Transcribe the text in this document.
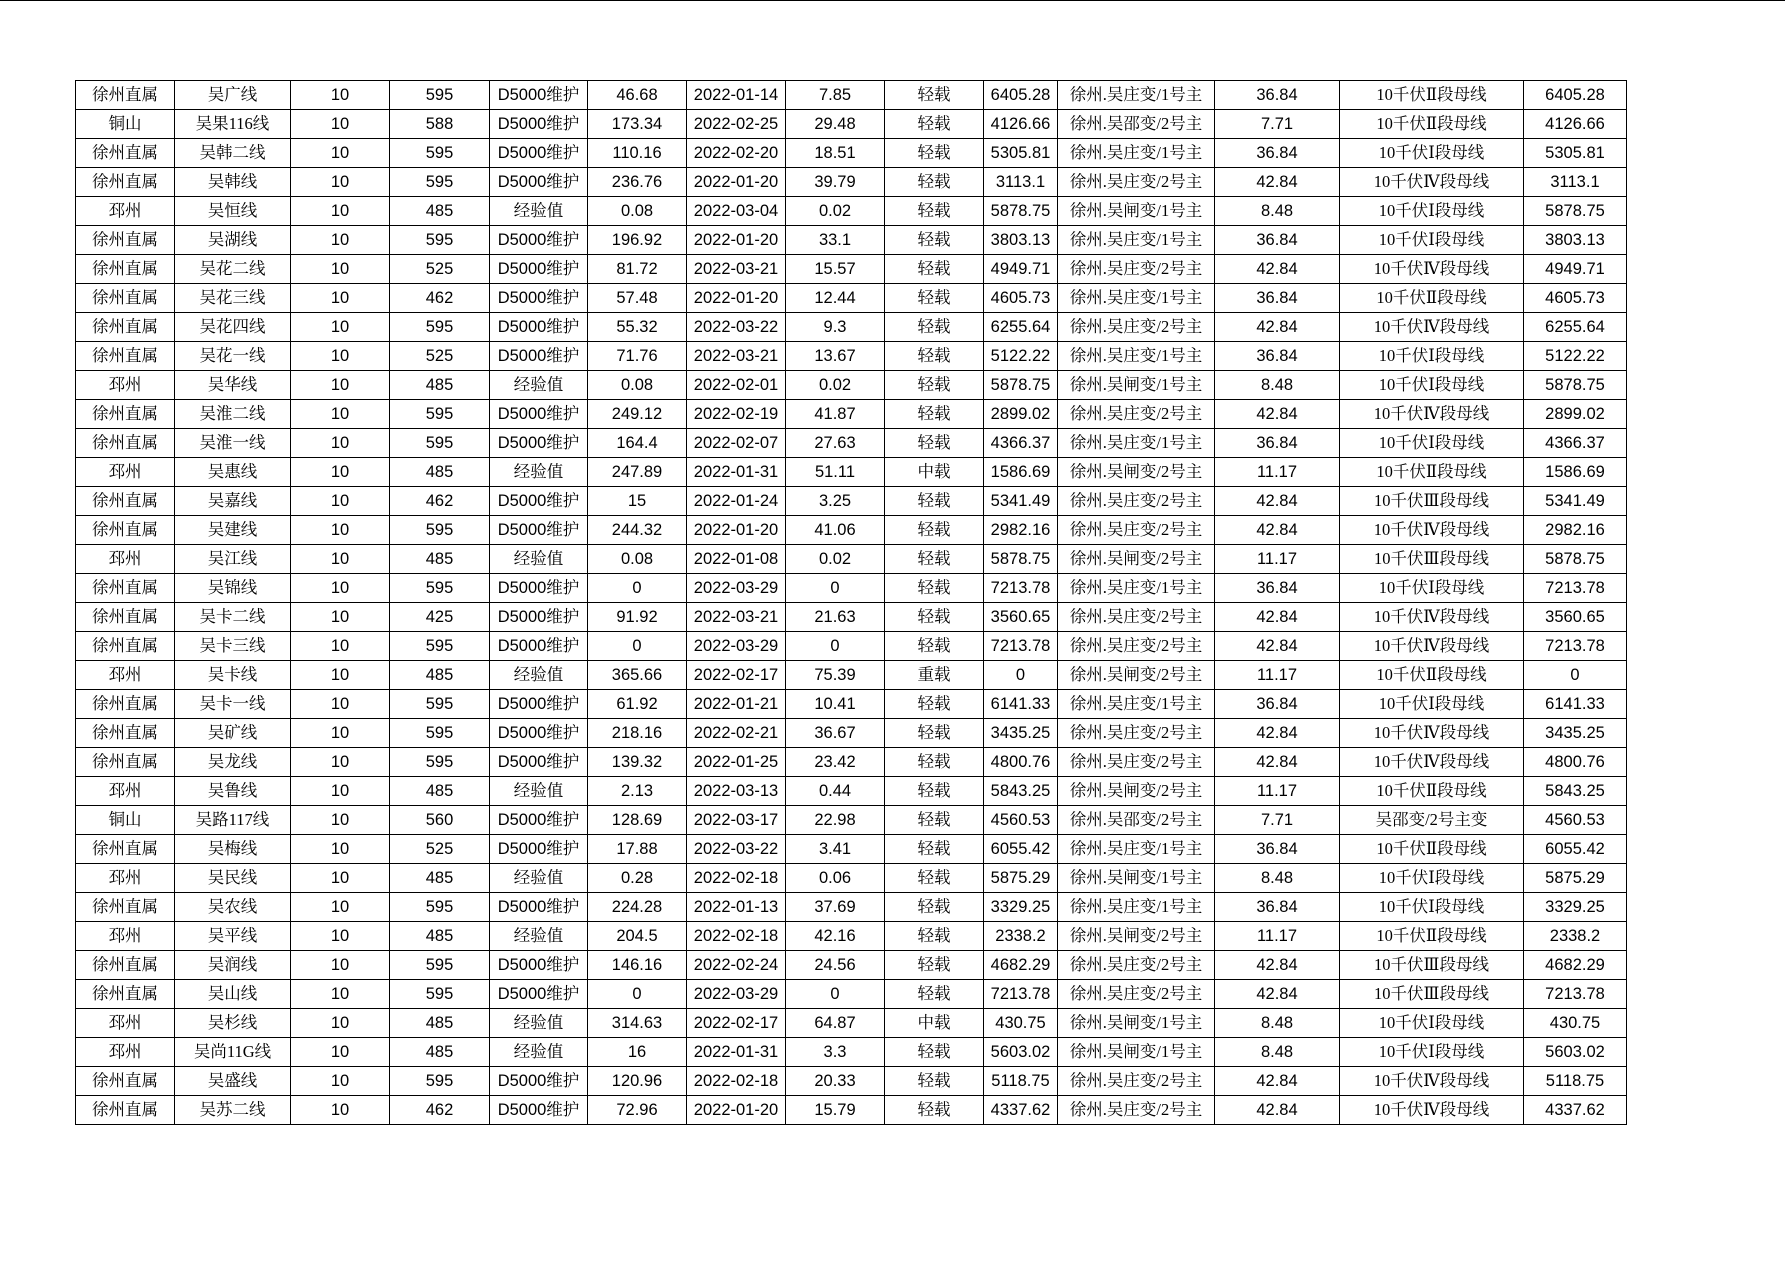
徐州直属	吴广线	10	595	D5000维护	46.68	2022-01-14	7.85	轻载	6405.28	徐州.吴庄变/1号主	36.84	10千伏Ⅱ段母线	6405.28
铜山	吴果116线	10	588	D5000维护	173.34	2022-02-25	29.48	轻载	4126.66	徐州.吴邵变/2号主	7.71	10千伏Ⅱ段母线	4126.66
徐州直属	吴韩二线	10	595	D5000维护	110.16	2022-02-20	18.51	轻载	5305.81	徐州.吴庄变/1号主	36.84	10千伏Ⅰ段母线	5305.81
徐州直属	吴韩线	10	595	D5000维护	236.76	2022-01-20	39.79	轻载	3113.1	徐州.吴庄变/2号主	42.84	10千伏Ⅳ段母线	3113.1
邳州	吴恒线	10	485	经验值	0.08	2022-03-04	0.02	轻载	5878.75	徐州.吴闸变/1号主	8.48	10千伏Ⅰ段母线	5878.75
徐州直属	吴湖线	10	595	D5000维护	196.92	2022-01-20	33.1	轻载	3803.13	徐州.吴庄变/1号主	36.84	10千伏Ⅰ段母线	3803.13
徐州直属	吴花二线	10	525	D5000维护	81.72	2022-03-21	15.57	轻载	4949.71	徐州.吴庄变/2号主	42.84	10千伏Ⅳ段母线	4949.71
徐州直属	吴花三线	10	462	D5000维护	57.48	2022-01-20	12.44	轻载	4605.73	徐州.吴庄变/1号主	36.84	10千伏Ⅱ段母线	4605.73
徐州直属	吴花四线	10	595	D5000维护	55.32	2022-03-22	9.3	轻载	6255.64	徐州.吴庄变/2号主	42.84	10千伏Ⅳ段母线	6255.64
徐州直属	吴花一线	10	525	D5000维护	71.76	2022-03-21	13.67	轻载	5122.22	徐州.吴庄变/1号主	36.84	10千伏Ⅰ段母线	5122.22
邳州	吴华线	10	485	经验值	0.08	2022-02-01	0.02	轻载	5878.75	徐州.吴闸变/1号主	8.48	10千伏Ⅰ段母线	5878.75
徐州直属	吴淮二线	10	595	D5000维护	249.12	2022-02-19	41.87	轻载	2899.02	徐州.吴庄变/2号主	42.84	10千伏Ⅳ段母线	2899.02
徐州直属	吴淮一线	10	595	D5000维护	164.4	2022-02-07	27.63	轻载	4366.37	徐州.吴庄变/1号主	36.84	10千伏Ⅰ段母线	4366.37
邳州	吴惠线	10	485	经验值	247.89	2022-01-31	51.11	中载	1586.69	徐州.吴闸变/2号主	11.17	10千伏Ⅱ段母线	1586.69
徐州直属	吴嘉线	10	462	D5000维护	15	2022-01-24	3.25	轻载	5341.49	徐州.吴庄变/2号主	42.84	10千伏Ⅲ段母线	5341.49
徐州直属	吴建线	10	595	D5000维护	244.32	2022-01-20	41.06	轻载	2982.16	徐州.吴庄变/2号主	42.84	10千伏Ⅳ段母线	2982.16
邳州	吴江线	10	485	经验值	0.08	2022-01-08	0.02	轻载	5878.75	徐州.吴闸变/2号主	11.17	10千伏Ⅲ段母线	5878.75
徐州直属	吴锦线	10	595	D5000维护	0	2022-03-29	0	轻载	7213.78	徐州.吴庄变/1号主	36.84	10千伏Ⅰ段母线	7213.78
徐州直属	吴卡二线	10	425	D5000维护	91.92	2022-03-21	21.63	轻载	3560.65	徐州.吴庄变/2号主	42.84	10千伏Ⅳ段母线	3560.65
徐州直属	吴卡三线	10	595	D5000维护	0	2022-03-29	0	轻载	7213.78	徐州.吴庄变/2号主	42.84	10千伏Ⅳ段母线	7213.78
邳州	吴卡线	10	485	经验值	365.66	2022-02-17	75.39	重载	0	徐州.吴闸变/2号主	11.17	10千伏Ⅱ段母线	0
徐州直属	吴卡一线	10	595	D5000维护	61.92	2022-01-21	10.41	轻载	6141.33	徐州.吴庄变/1号主	36.84	10千伏Ⅰ段母线	6141.33
徐州直属	吴矿线	10	595	D5000维护	218.16	2022-02-21	36.67	轻载	3435.25	徐州.吴庄变/2号主	42.84	10千伏Ⅳ段母线	3435.25
徐州直属	吴龙线	10	595	D5000维护	139.32	2022-01-25	23.42	轻载	4800.76	徐州.吴庄变/2号主	42.84	10千伏Ⅳ段母线	4800.76
邳州	吴鲁线	10	485	经验值	2.13	2022-03-13	0.44	轻载	5843.25	徐州.吴闸变/2号主	11.17	10千伏Ⅱ段母线	5843.25
铜山	吴路117线	10	560	D5000维护	128.69	2022-03-17	22.98	轻载	4560.53	徐州.吴邵变/2号主	7.71	吴邵变/2号主变	4560.53
徐州直属	吴梅线	10	525	D5000维护	17.88	2022-03-22	3.41	轻载	6055.42	徐州.吴庄变/1号主	36.84	10千伏Ⅱ段母线	6055.42
邳州	吴民线	10	485	经验值	0.28	2022-02-18	0.06	轻载	5875.29	徐州.吴闸变/1号主	8.48	10千伏Ⅰ段母线	5875.29
徐州直属	吴农线	10	595	D5000维护	224.28	2022-01-13	37.69	轻载	3329.25	徐州.吴庄变/1号主	36.84	10千伏Ⅰ段母线	3329.25
邳州	吴平线	10	485	经验值	204.5	2022-02-18	42.16	轻载	2338.2	徐州.吴闸变/2号主	11.17	10千伏Ⅱ段母线	2338.2
徐州直属	吴润线	10	595	D5000维护	146.16	2022-02-24	24.56	轻载	4682.29	徐州.吴庄变/2号主	42.84	10千伏Ⅲ段母线	4682.29
徐州直属	吴山线	10	595	D5000维护	0	2022-03-29	0	轻载	7213.78	徐州.吴庄变/2号主	42.84	10千伏Ⅲ段母线	7213.78
邳州	吴杉线	10	485	经验值	314.63	2022-02-17	64.87	中载	430.75	徐州.吴闸变/1号主	8.48	10千伏Ⅰ段母线	430.75
邳州	吴尚11G线	10	485	经验值	16	2022-01-31	3.3	轻载	5603.02	徐州.吴闸变/1号主	8.48	10千伏Ⅰ段母线	5603.02
徐州直属	吴盛线	10	595	D5000维护	120.96	2022-02-18	20.33	轻载	5118.75	徐州.吴庄变/2号主	42.84	10千伏Ⅳ段母线	5118.75
徐州直属	吴苏二线	10	462	D5000维护	72.96	2022-01-20	15.79	轻载	4337.62	徐州.吴庄变/2号主	42.84	10千伏Ⅳ段母线	4337.62
